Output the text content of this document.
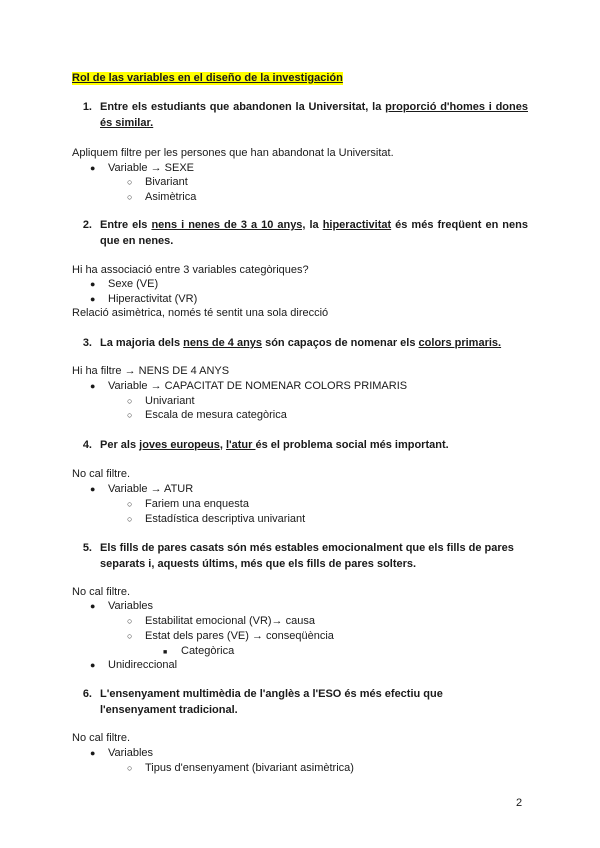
Rol de las variables en el diseño de la investigación
1. Entre els estudiants que abandonen la Universitat, la proporció d'homes i dones és similar.
Apliquem filtre per les persones que han abandonat la Universitat.
● Variable → SEXE
○ Bivariant
○ Asimètrica
2. Entre els nens i nenes de 3 a 10 anys, la hiperactivitat és més freqüent en nens que en nenes.
Hi ha associació entre 3 variables categòriques?
● Sexe (VE)
● Hiperactivitat (VR)
Relació asimètrica, només té sentit una sola direcció
3. La majoria dels nens de 4 anys són capaços de nomenar els colors primaris.
Hi ha filtre → NENS DE 4 ANYS
● Variable → CAPACITAT DE NOMENAR COLORS PRIMARIS
○ Univariant
○ Escala de mesura categòrica
4. Per als joves europeus, l'atur és el problema social més important.
No cal filtre.
● Variable → ATUR
○ Fariem una enquesta
○ Estadística descriptiva univariant
5. Els fills de pares casats són més estables emocionalment que els fills de pares separats i, aquests últims, més que els fills de pares solters.
No cal filtre.
● Variables
○ Estabilitat emocional (VR)→ causa
○ Estat dels pares (VE) → conseqüència
■ Categòrica
● Unidireccional
6. L'ensenyament multimèdia de l'anglès a l'ESO és més efectiu que l'ensenyament tradicional.
No cal filtre.
● Variables
○ Tipus d'ensenyament (bivariant asimètrica)
2
